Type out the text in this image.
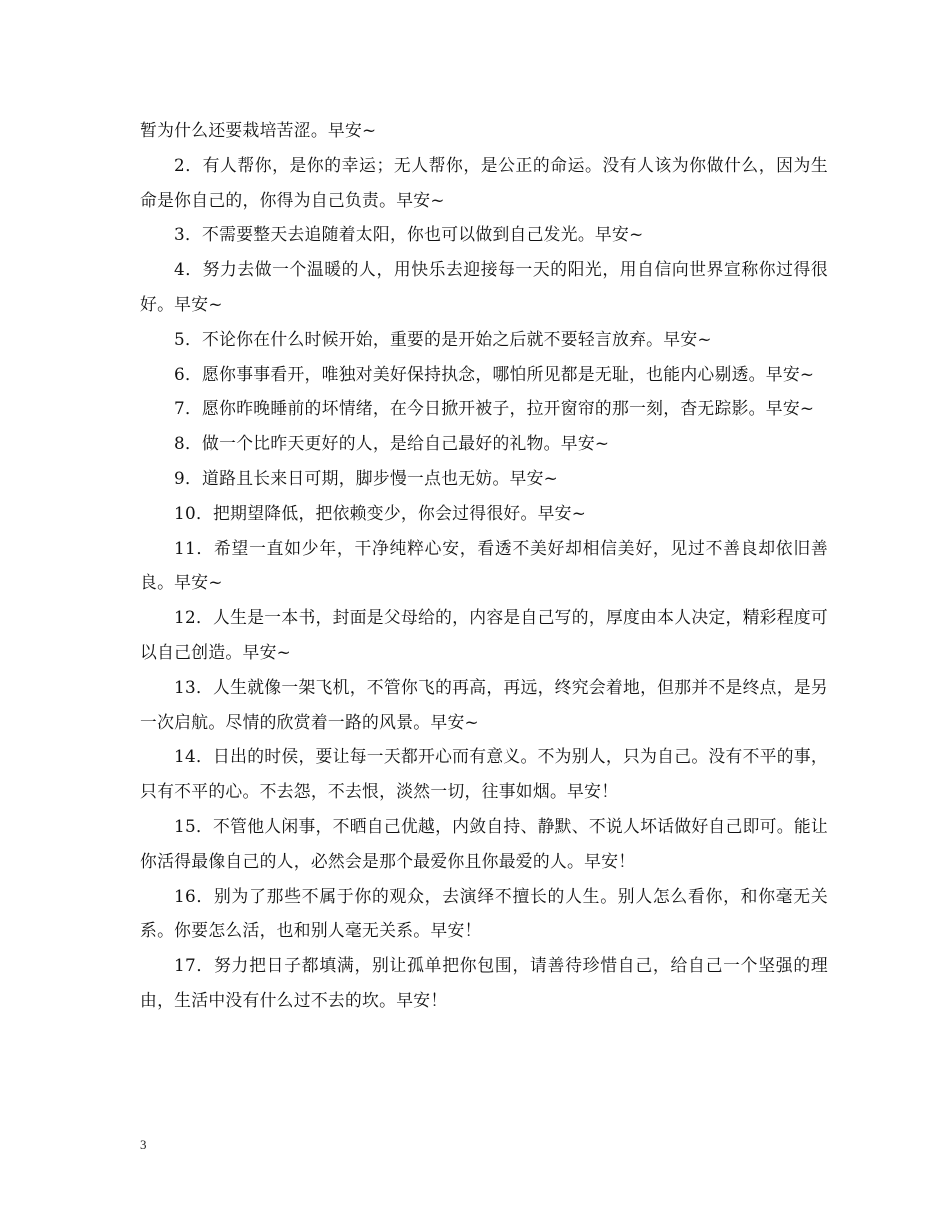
暂为什么还要栽培苦涩。早安~

2．有人帮你，是你的幸运；无人帮你，是公正的命运。没有人该为你做什么，因为生命是你自己的，你得为自己负责。早安~

3．不需要整天去追随着太阳，你也可以做到自己发光。早安~

4．努力去做一个温暖的人，用快乐去迎接每一天的阳光，用自信向世界宣称你过得很好。早安~

5．不论你在什么时候开始，重要的是开始之后就不要轻言放弃。早安~

6．愿你事事看开，唯独对美好保持执念，哪怕所见都是无耻，也能内心剔透。早安~

7．愿你昨晚睡前的坏情绪，在今日掀开被子，拉开窗帘的那一刻，杳无踪影。早安~

8．做一个比昨天更好的人，是给自己最好的礼物。早安~

9．道路且长来日可期，脚步慢一点也无妨。早安~

10．把期望降低，把依赖变少，你会过得很好。早安~

11．希望一直如少年，干净纯粹心安，看透不美好却相信美好，见过不善良却依旧善良。早安~

12．人生是一本书，封面是父母给的，内容是自己写的，厚度由本人决定，精彩程度可以自己创造。早安~

13．人生就像一架飞机，不管你飞的再高，再远，终究会着地，但那并不是终点，是另一次启航。尽情的欣赏着一路的风景。早安~

14．日出的时侯，要让每一天都开心而有意义。不为别人，只为自己。没有不平的事，只有不平的心。不去怨，不去恨，淡然一切，往事如烟。早安！

15．不管他人闲事，不晒自己优越，内敛自持、静默、不说人坏话做好自己即可。能让你活得最像自己的人，必然会是那个最爱你且你最爱的人。早安！

16．别为了那些不属于你的观众，去演绎不擅长的人生。别人怎么看你，和你毫无关系。你要怎么活，也和别人毫无关系。早安！

17．努力把日子都填满，别让孤单把你包围，请善待珍惜自己，给自己一个坚强的理由，生活中没有什么过不去的坎。早安！

3
